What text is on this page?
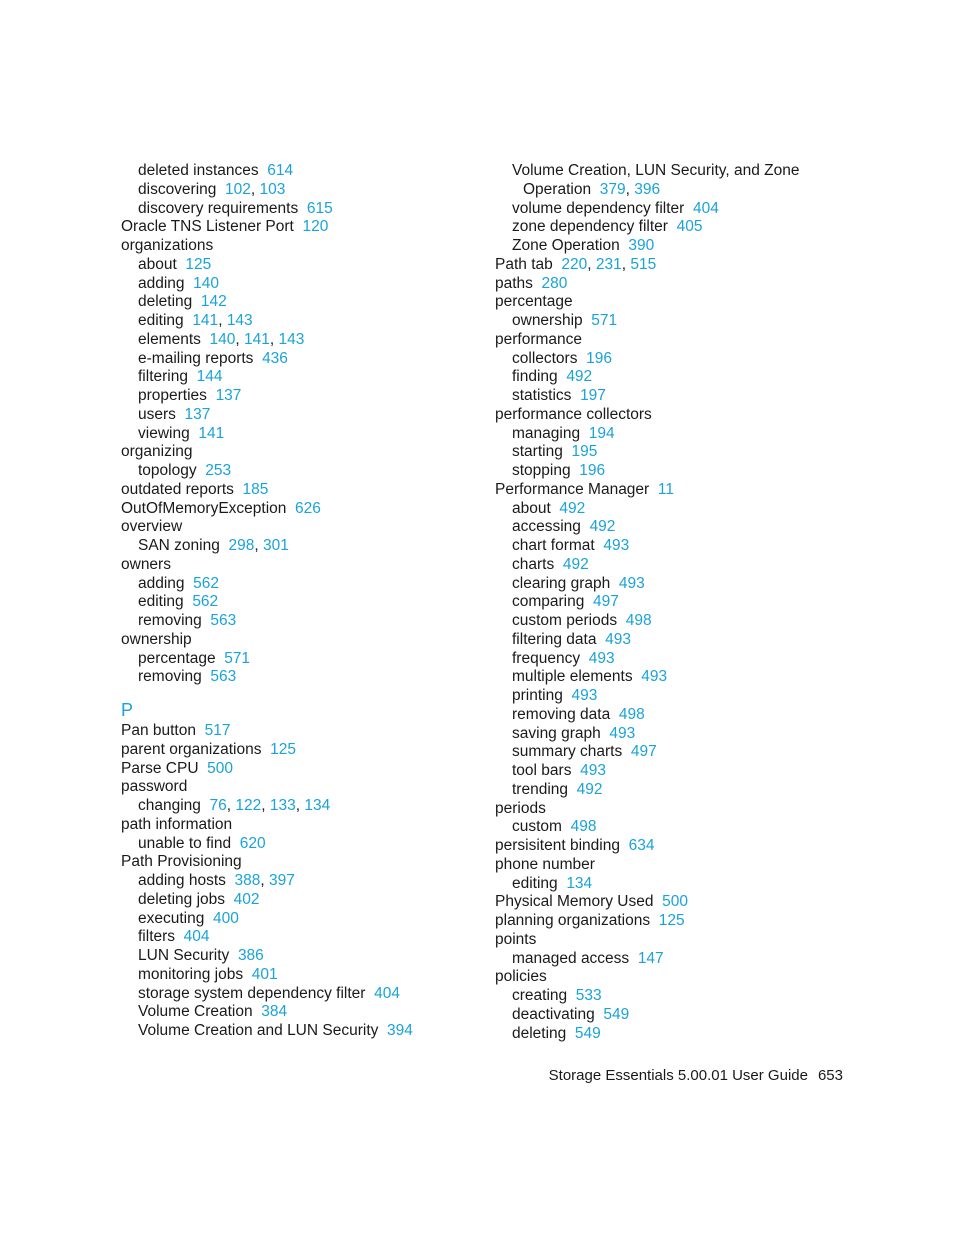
deleted instances 614
discovering 102, 103
discovery requirements 615
Oracle TNS Listener Port 120
organizations
about 125
adding 140
deleting 142
editing 141, 143
elements 140, 141, 143
e-mailing reports 436
filtering 144
properties 137
users 137
viewing 141
organizing
topology 253
outdated reports 185
OutOfMemoryException 626
overview
SAN zoning 298, 301
owners
adding 562
editing 562
removing 563
ownership
percentage 571
removing 563
P
Pan button 517
parent organizations 125
Parse CPU 500
password
changing 76, 122, 133, 134
path information
unable to find 620
Path Provisioning
adding hosts 388, 397
deleting jobs 402
executing 400
filters 404
LUN Security 386
monitoring jobs 401
storage system dependency filter 404
Volume Creation 384
Volume Creation and LUN Security 394
Volume Creation, LUN Security, and Zone
Operation 379, 396
volume dependency filter 404
zone dependency filter 405
Zone Operation 390
Path tab 220, 231, 515
paths 280
percentage
ownership 571
performance
collectors 196
finding 492
statistics 197
performance collectors
managing 194
starting 195
stopping 196
Performance Manager 11
about 492
accessing 492
chart format 493
charts 492
clearing graph 493
comparing 497
custom periods 498
filtering data 493
frequency 493
multiple elements 493
printing 493
removing data 498
saving graph 493
summary charts 497
tool bars 493
trending 492
periods
custom 498
persisitent binding 634
phone number
editing 134
Physical Memory Used 500
planning organizations 125
points
managed access 147
policies
creating 533
deactivating 549
deleting 549
Storage Essentials 5.00.01 User Guide 653
